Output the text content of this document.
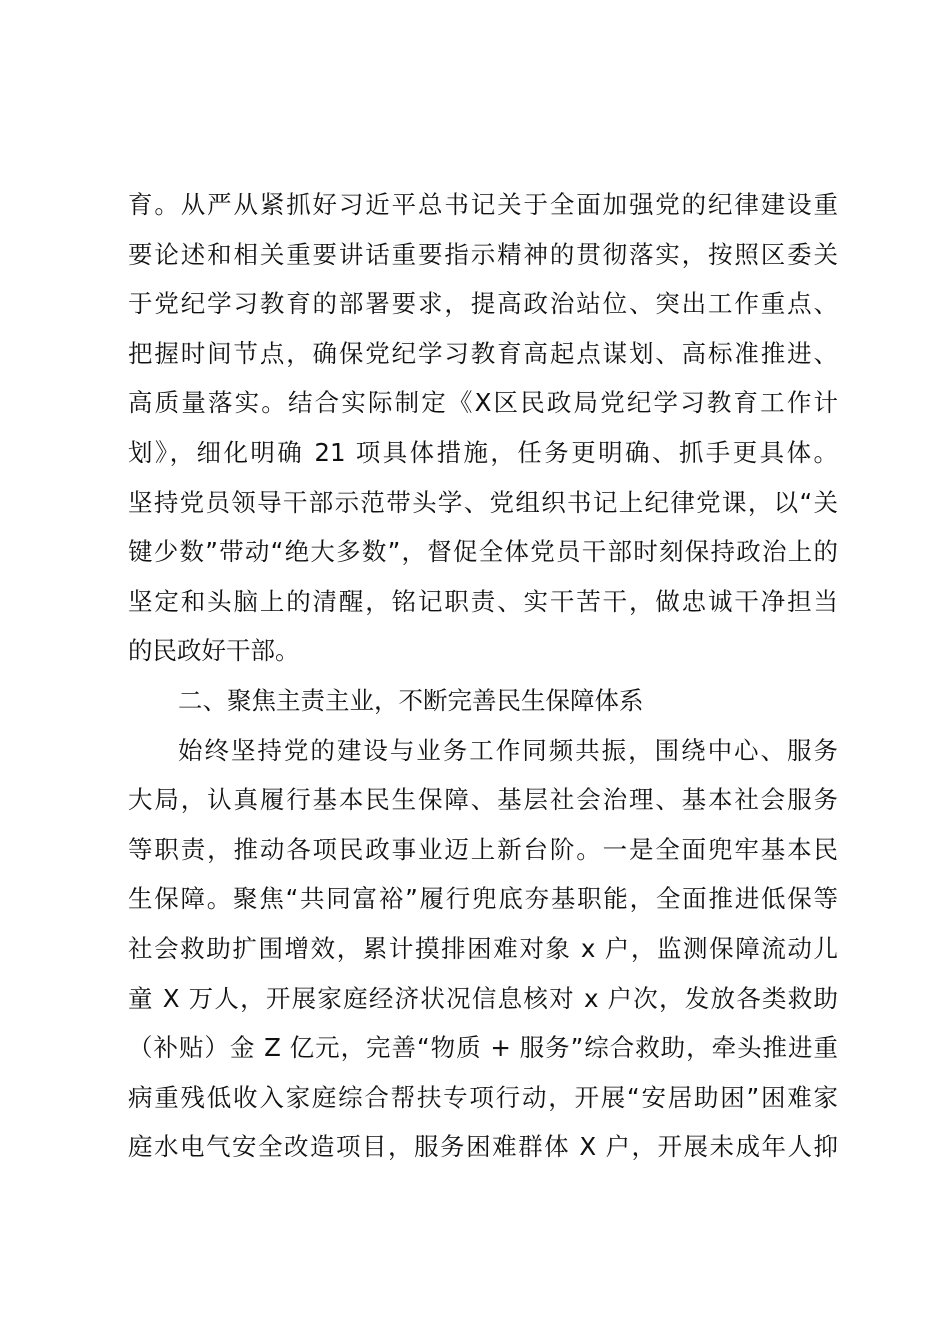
育。从严从紧抓好习近平总书记关于全面加强党的纪律建设重
要论述和相关重要讲话重要指示精神的贯彻落实，按照区委关
于党纪学习教育的部署要求，提高政治站位、突出工作重点、
把握时间节点，确保党纪学习教育高起点谋划、高标准推进、
高质量落实。结合实际制定《X区民政局党纪学习教育工作计
划》，细化明确 21 项具体措施，任务更明确、抓手更具体。
坚持党员领导干部示范带头学、党组织书记上纪律党课，以“关
键少数”带动“绝大多数”，督促全体党员干部时刻保持政治上的
坚定和头脑上的清醒，铭记职责、实干苦干，做忠诚干净担当
的民政好干部。
二、聚焦主责主业，不断完善民生保障体系
始终坚持党的建设与业务工作同频共振，围绕中心、服务
大局，认真履行基本民生保障、基层社会治理、基本社会服务
等职责，推动各项民政事业迈上新台阶。一是全面兜牢基本民
生保障。聚焦“共同富裕”履行兜底夯基职能，全面推进低保等
社会救助扩围增效，累计摸排困难对象 x 户，监测保障流动儿
童 X 万人，开展家庭经济状况信息核对 x 户次，发放各类救助
（补贴）金 Z 亿元，完善“物质 + 服务”综合救助，牵头推进重
病重残低收入家庭综合帮扶专项行动，开展“安居助困”困难家
庭水电气安全改造项目，服务困难群体 X 户，开展未成年人抑
